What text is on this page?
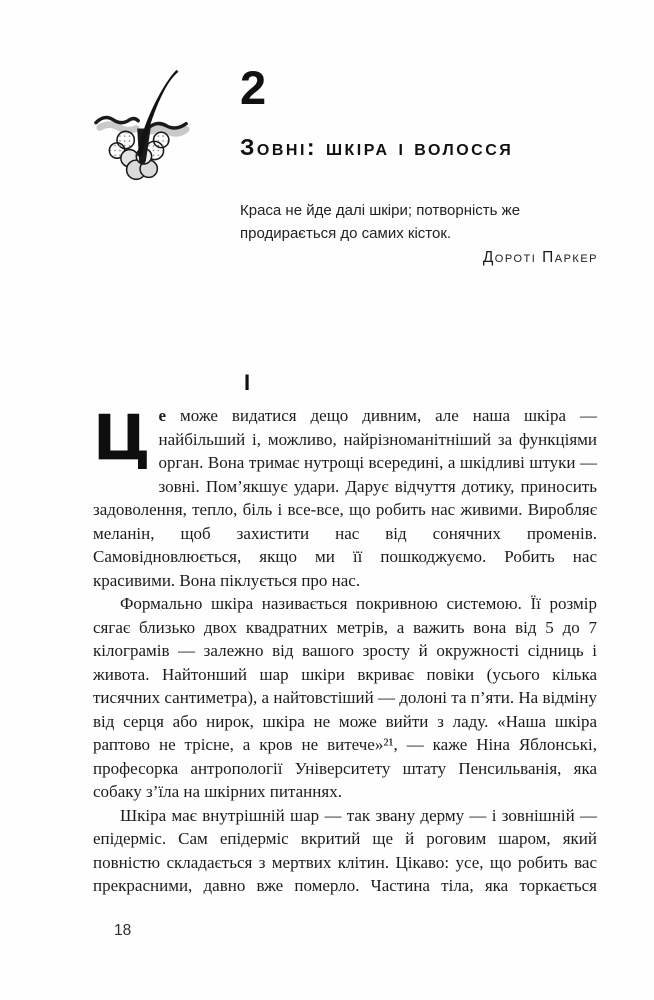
2
Зовні: шкіра і волосся

Краса не йде далі шкіри; потворність же продирається до самих кісток.

Дороті Паркер
I

Це може видатися дещо дивним, але наша шкіра — найбільший і, можливо, найрізноманітніший за функціями орган. Вона тримає нутрощі всередині, а шкідливі штуки — зовні. Пом’якшує удари. Дарує відчуття дотику, приносить задоволення, тепло, біль і все-все, що робить нас живими. Виробляє меланін, щоб захистити нас від сонячних променів. Самовідновлюється, якщо ми її пошкоджуємо. Робить нас красивими. Вона піклується про нас.

Формально шкіра називається покривною системою. Її розмір сягає близько двох квадратних метрів, а важить вона від 5 до 7 кілограмів — залежно від вашого зросту й окружності сідниць і живота. Найтонший шар шкіри вкриває повіки (усього кілька тисячних сантиметра), а найтовстіший — долоні та п’яти. На відміну від серця або нирок, шкіра не може вийти з ладу. «Наша шкіра раптово не трісне, а кров не витече»²¹, — каже Ніна Яблонські, професорка антропології Університету штату Пенсильванія, яка собаку з’їла на шкірних питаннях.

Шкіра має внутрішній шар — так звану дерму — і зовнішній — епідерміс. Сам епідерміс вкритий ще й роговим шаром, який повністю складається з мертвих клітин. Цікаво: усе, що робить вас прекрасними, давно вже померло. Частина тіла, яка торкається

18
